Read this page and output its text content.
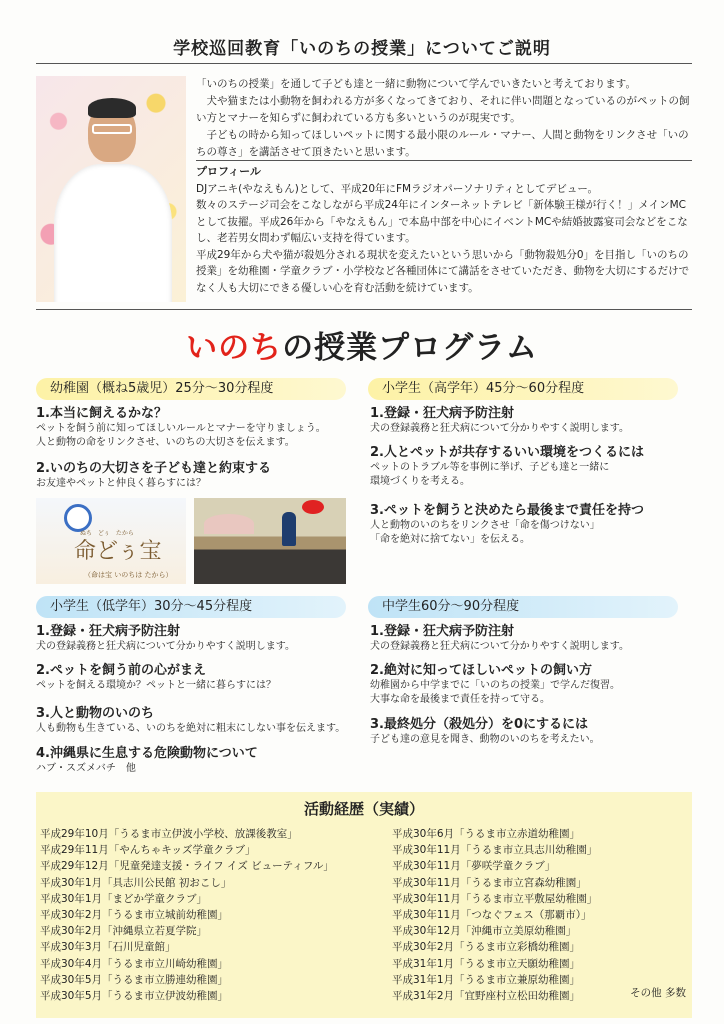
学校巡回教育「いのちの授業」についてご説明

「いのちの授業」を通して子ども達と一緒に動物について学んでいきたいと考えております。

犬や猫または小動物を飼われる方が多くなってきており、それに伴い問題となっているのがペットの飼い方とマナーを知らずに飼われている方も多いというのが現実です。

子どもの時から知ってほしいペットに関する最小限のルール・マナー、人間と動物をリンクさせ「いのちの尊さ」を講話させて頂きたいと思います。

プロフィール

DJアニキ(やなえもん)として、平成20年にFMラジオパーソナリティとしてデビュー。

数々のステージ司会をこなしながら平成24年にインターネットテレビ「新体験王様が行く！」メインMCとして抜擢。平成26年から「やなえもん」で本島中部を中心にイベントMCや結婚披露宴司会などをこなし、老若男女問わず幅広い支持を得ています。

平成29年から犬や猫が殺処分される現状を変えたいという思いから「動物殺処分0」を目指し「いのちの授業」を幼稚園・学童クラブ・小学校など各種団体にて講話をさせていただき、動物を大切にするだけでなく人も大切にできる優しい心を育む活動を続けています。

いのちの授業プログラム
幼稚園（概ね5歳児）25分〜30分程度
1.本当に飼えるかな？

ペットを飼う前に知ってほしいルールとマナーを守りましょう。
人と動物の命をリンクさせ、いのちの大切さを伝えます。

2.いのちの大切さを子ども達と約束する

お友達やペットと仲良く暮らすには？

ぬち　どぅ　たから
命どぅ宝
（命は宝 いのちは たから）
小学生（高学年）45分〜60分程度
1.登録・狂犬病予防注射

犬の登録義務と狂犬病について分かりやすく説明します。

2.人とペットが共存するいい環境をつくるには

ペットのトラブル等を事例に挙げ、子ども達と一緒に
環境づくりを考える。

3.ペットを飼うと決めたら最後まで責任を持つ

人と動物のいのちをリンクさせ「命を傷つけない」
「命を絶対に捨てない」を伝える。

小学生（低学年）30分〜45分程度
1.登録・狂犬病予防注射

犬の登録義務と狂犬病について分かりやすく説明します。

2.ペットを飼う前の心がまえ

ペットを飼える環境か？ペットと一緒に暮らすには？

3.人と動物のいのち

人も動物も生きている、いのちを絶対に粗末にしない事を伝えます。

4.沖縄県に生息する危険動物について

ハブ・スズメバチ　他

中学生60分〜90分程度
1.登録・狂犬病予防注射

犬の登録義務と狂犬病について分かりやすく説明します。

2.絶対に知ってほしいペットの飼い方

幼稚園から中学までに「いのちの授業」で学んだ復習。
大事な命を最後まで責任を持って守る。

3.最終処分（殺処分）を0にするには

子ども達の意見を聞き、動物のいのちを考えたい。

活動経歴（実績）
平成29年10月「うるま市立伊波小学校、放課後教室」
平成29年11月「やんちゃキッズ学童クラブ」
平成29年12月「児童発達支援・ライフ イズ ビューティフル」
平成30年1月「具志川公民館 初おこし」
平成30年1月「まどか学童クラブ」
平成30年2月「うるま市立城前幼稚園」
平成30年2月「沖縄県立若夏学院」
平成30年3月「石川児童館」
平成30年4月「うるま市立川崎幼稚園」
平成30年5月「うるま市立勝連幼稚園」
平成30年5月「うるま市立伊波幼稚園」
平成30年6月「うるま市立赤道幼稚園」
平成30年11月「うるま市立具志川幼稚園」
平成30年11月「夢咲学童クラブ」
平成30年11月「うるま市立宮森幼稚園」
平成30年11月「うるま市立平敷屋幼稚園」
平成30年11月「つなぐフェス（那覇市）」
平成30年12月「沖縄市立美原幼稚園」
平成30年2月「うるま市立彩橋幼稚園」
平成31年1月「うるま市立天願幼稚園」
平成31年1月「うるま市立兼原幼稚園」
平成31年2月「宜野座村立松田幼稚園」	その他 多数
